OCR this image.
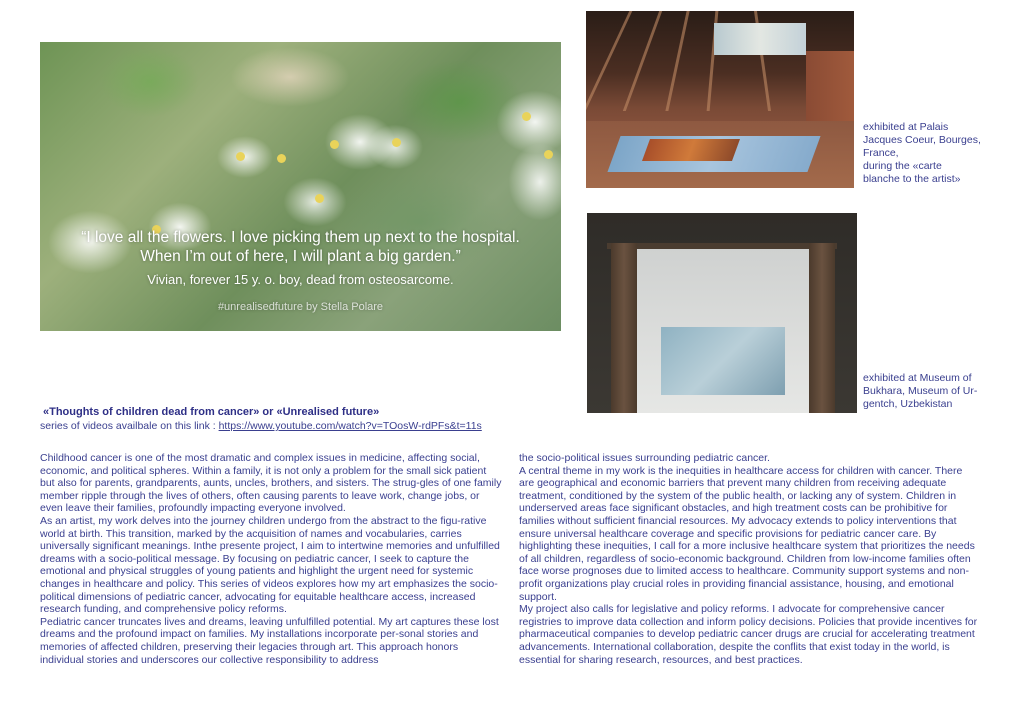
“I love all the flowers. I love picking them up next to the hospital.
When I’m out of here, I will plant a big garden.”
Vivian, forever 15 y. o. boy, dead from osteosarcome.
#unrealisedfuture by Stella Polare
exhibited at Palais
Jacques Coeur, Bourges,
France,
during the «carte
blanche to the artist»
exhibited at Museum of
Bukhara, Museum of Ur-
gentch, Uzbekistan
«Thoughts of children dead from cancer» or «Unrealised future»
series of videos availbale on this link : https://www.youtube.com/watch?v=TOosW-rdPFs&t=11s

Childhood cancer is one of the most dramatic and complex issues in medicine, affecting social, economic, and political spheres. Within a family, it is not only a problem for the small sick patient but also for parents, grandparents, aunts, uncles, brothers, and sisters. The strug-gles of one family member ripple through the lives of others, often causing parents to leave work, change jobs, or even leave their families, profoundly impacting everyone involved.

As an artist, my work delves into the journey children undergo from the abstract to the figu-rative world at birth. This transition, marked by the acquisition of names and vocabularies, carries universally significant meanings. Inthe presente project, I aim to intertwine memories and unfulfilled dreams with a socio-political message. By focusing on pediatric cancer, I seek to capture the emotional and physical struggles of young patients and highlight the urgent need for systemic changes in healthcare and policy. This series of videos explores how my art emphasizes the socio-political dimensions of pediatric cancer, advocating for equitable healthcare access, increased research funding, and comprehensive policy reforms.

Pediatric cancer truncates lives and dreams, leaving unfulfilled potential. My art captures these lost dreams and the profound impact on families. My installations incorporate per-sonal stories and memories of affected children, preserving their legacies through art. This approach honors individual stories and underscores our collective responsibility to address

the socio-political issues surrounding pediatric cancer.

A central theme in my work is the inequities in healthcare access for children with cancer. There are geographical and economic barriers that prevent many children from receiving adequate treatment, conditioned by the system of the public health, or lacking any of system. Children in underserved areas face significant obstacles, and high treatment costs can be prohibitive for families without sufficient financial resources. My advocacy extends to policy interventions that ensure universal healthcare coverage and specific provisions for pediatric cancer care. By highlighting these inequities, I call for a more inclusive healthcare system that prioritizes the needs of all children, regardless of socio-economic background. Children from low-income families often face worse prognoses due to limited access to healthcare. Community support systems and non-profit organizations play crucial roles in providing financial assistance, housing, and emotional support.

My project also calls for legislative and policy reforms. I advocate for comprehensive cancer registries to improve data collection and inform policy decisions. Policies that provide incentives for pharmaceutical companies to develop pediatric cancer drugs are crucial for accelerating treatment advancements. International collaboration, despite the conflits that exist today in the world, is essential for sharing research, resources, and best practices.
